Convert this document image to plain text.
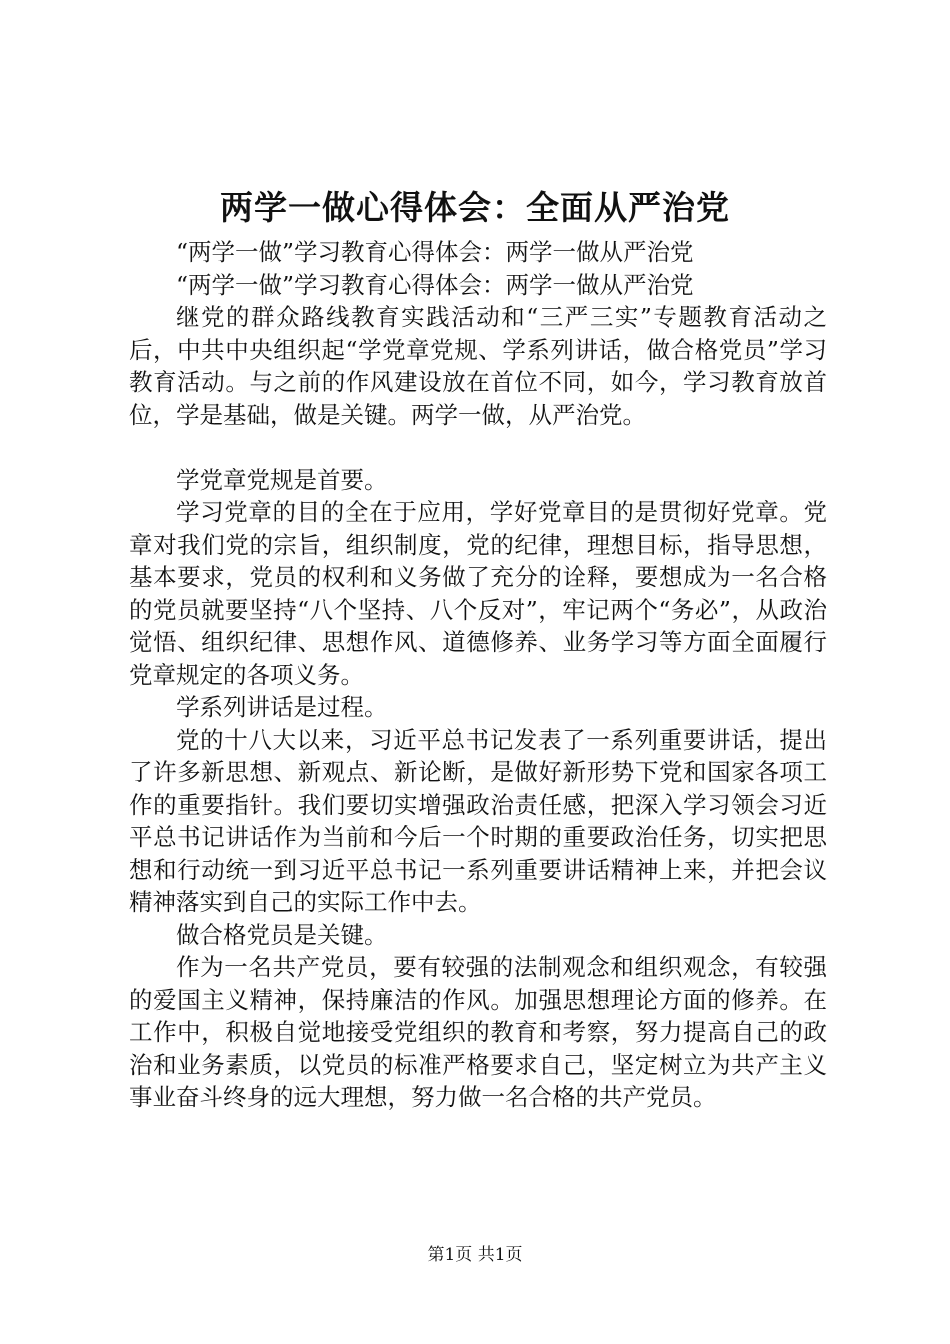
两学一做心得体会：全面从严治党

“两学一做”学习教育心得体会：两学一做从严治党

“两学一做”学习教育心得体会：两学一做从严治党

继党的群众路线教育实践活动和“三严三实”专题教育活动之后，中共中央组织起“学党章党规、学系列讲话，做合格党员”学习教育活动。与之前的作风建设放在首位不同，如今，学习教育放首位，学是基础，做是关键。两学一做，从严治党。

学党章党规是首要。

学习党章的目的全在于应用，学好党章目的是贯彻好党章。党章对我们党的宗旨，组织制度，党的纪律，理想目标，指导思想，基本要求，党员的权利和义务做了充分的诠释，要想成为一名合格的党员就要坚持“八个坚持、八个反对”，牢记两个“务必”，从政治觉悟、组织纪律、思想作风、道德修养、业务学习等方面全面履行党章规定的各项义务。

学系列讲话是过程。

党的十八大以来，习近平总书记发表了一系列重要讲话，提出了许多新思想、新观点、新论断，是做好新形势下党和国家各项工作的重要指针。我们要切实增强政治责任感，把深入学习领会习近平总书记讲话作为当前和今后一个时期的重要政治任务，切实把思想和行动统一到习近平总书记一系列重要讲话精神上来，并把会议精神落实到自己的实际工作中去。

做合格党员是关键。

作为一名共产党员，要有较强的法制观念和组织观念，有较强的爱国主义精神，保持廉洁的作风。加强思想理论方面的修养。在工作中，积极自觉地接受党组织的教育和考察，努力提高自己的政治和业务素质，以党员的标准严格要求自己，坚定树立为共产主义事业奋斗终身的远大理想，努力做一名合格的共产党员。

第1页 共1页
